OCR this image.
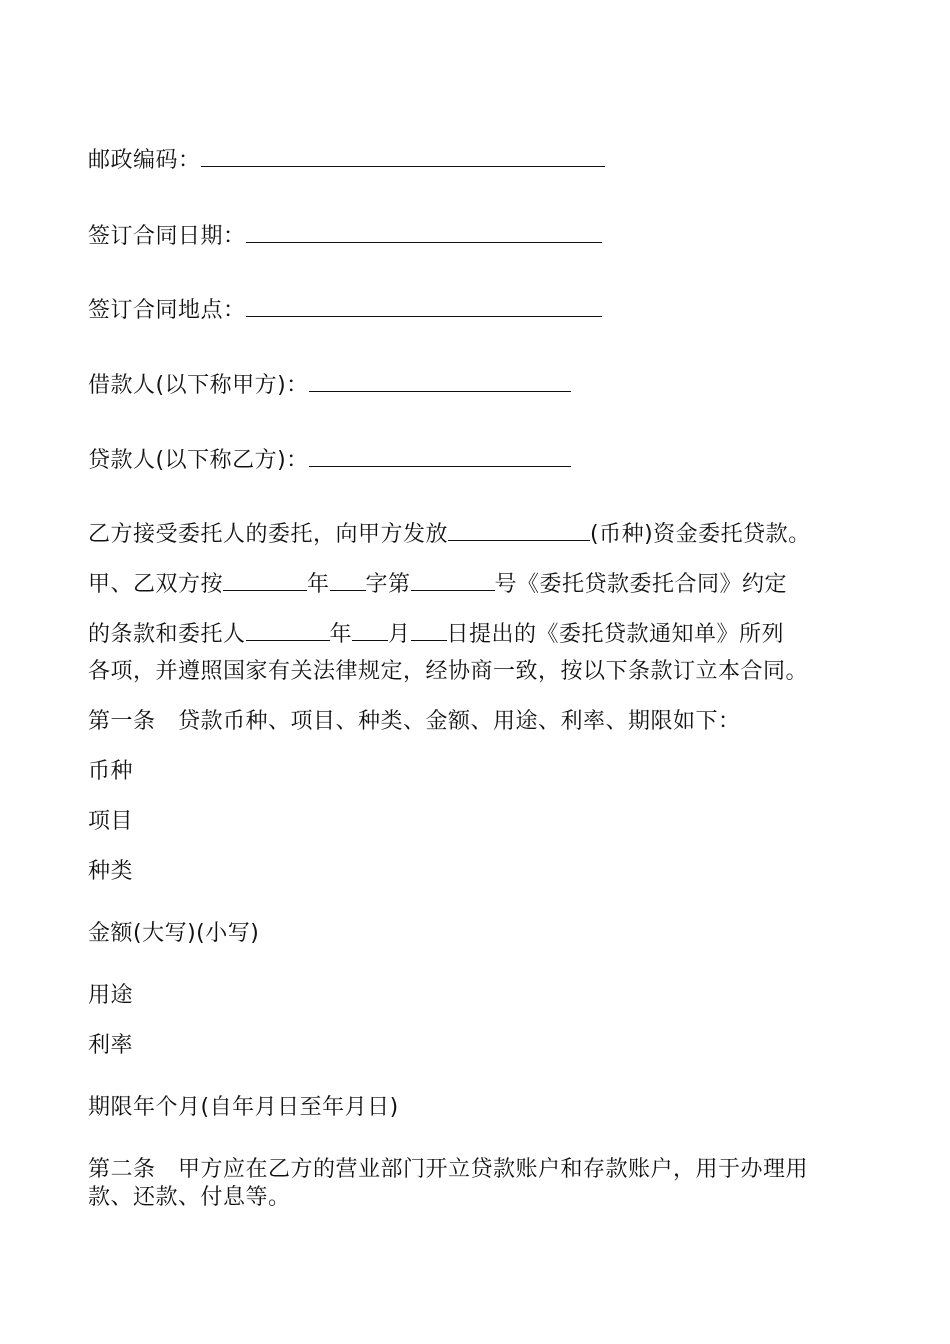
邮政编码：
签订合同日期：
签订合同地点：
借款人(以下称甲方)：
贷款人(以下称乙方)：
乙方接受委托人的委托，向甲方发放	(币种)资金委托贷款。
甲、乙双方按	年 字第	号《委托贷款委托合同》约定
的条款和委托人	年 月 日提出的《委托贷款通知单》所列
各项，并遵照国家有关法律规定，经协商一致，按以下条款订立本合同。
第一条　贷款币种、项目、种类、金额、用途、利率、期限如下：
币种
项目
种类
金额(大写)(小写)
用途
利率
期限年个月(自年月日至年月日)
第二条　甲方应在乙方的营业部门开立贷款账户和存款账户，用于办理用
款、还款、付息等。
